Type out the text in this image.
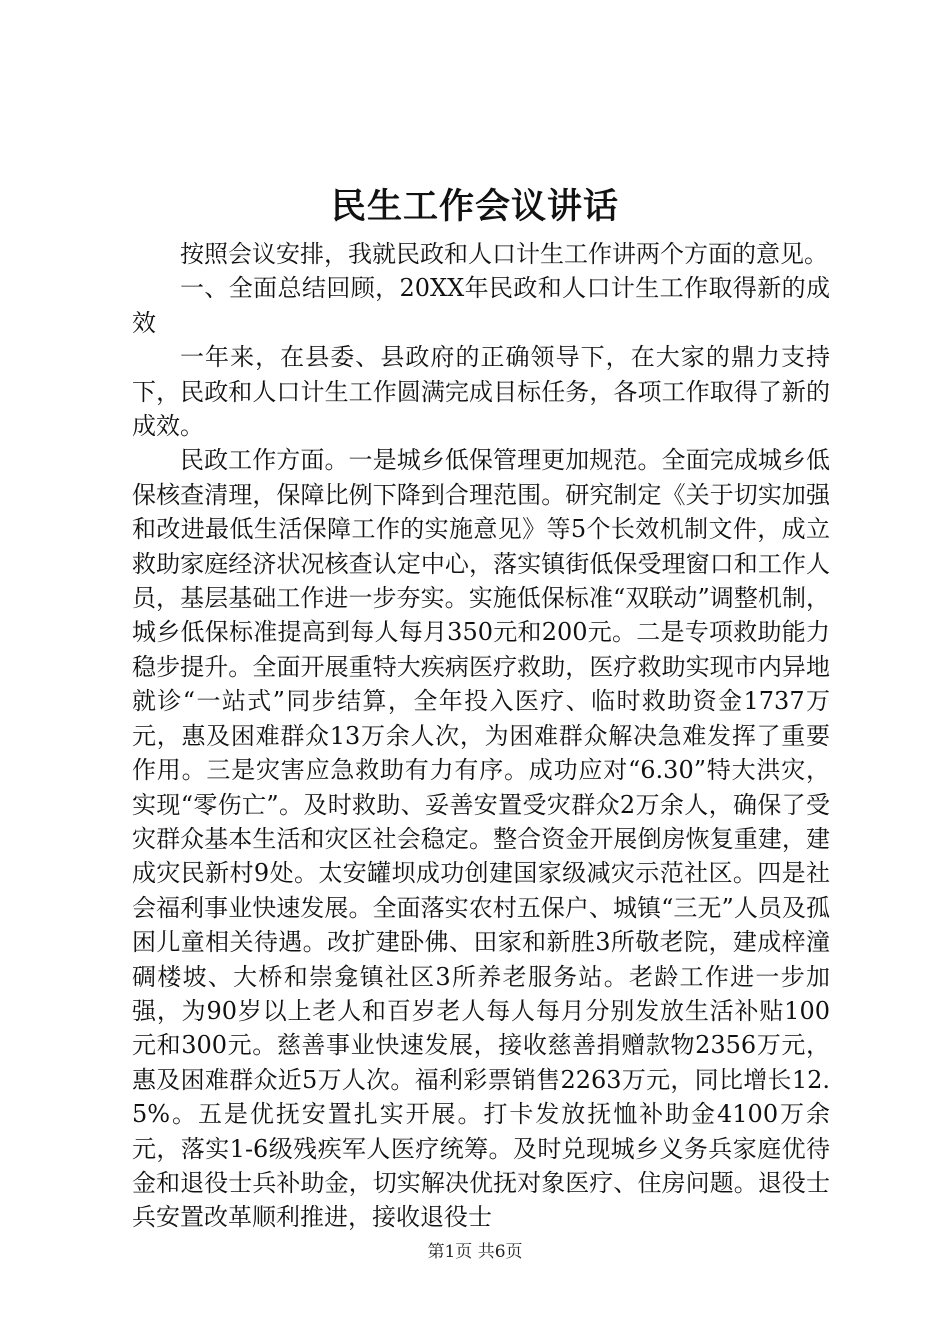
民生工作会议讲话

按照会议安排，我就民政和人口计生工作讲两个方面的意见。

一、全面总结回顾，20XX年民政和人口计生工作取得新的成效

一年来，在县委、县政府的正确领导下，在大家的鼎力支持下，民政和人口计生工作圆满完成目标任务，各项工作取得了新的成效。

民政工作方面。一是城乡低保管理更加规范。全面完成城乡低保核查清理，保障比例下降到合理范围。研究制定《关于切实加强和改进最低生活保障工作的实施意见》等5个长效机制文件，成立救助家庭经济状况核查认定中心，落实镇街低保受理窗口和工作人员，基层基础工作进一步夯实。实施低保标准“双联动”调整机制，城乡低保标准提高到每人每月350元和200元。二是专项救助能力稳步提升。全面开展重特大疾病医疗救助，医疗救助实现市内异地就诊“一站式”同步结算，全年投入医疗、临时救助资金1737万元，惠及困难群众13万余人次，为困难群众解决急难发挥了重要作用。三是灾害应急救助有力有序。成功应对“6.30”特大洪灾，实现“零伤亡”。及时救助、妥善安置受灾群众2万余人，确保了受灾群众基本生活和灾区社会稳定。整合资金开展倒房恢复重建，建成灾民新村9处。太安罐坝成功创建国家级减灾示范社区。四是社会福利事业快速发展。全面落实农村五保户、城镇“三无”人员及孤困儿童相关待遇。改扩建卧佛、田家和新胜3所敬老院，建成梓潼碉楼坡、大桥和崇龛镇社区3所养老服务站。老龄工作进一步加强，为90岁以上老人和百岁老人每人每月分别发放生活补贴100元和300元。慈善事业快速发展，接收慈善捐赠款物2356万元，惠及困难群众近5万人次。福利彩票销售2263万元，同比增长12.5%。五是优抚安置扎实开展。打卡发放抚恤补助金4100万余元，落实1-6级残疾军人医疗统筹。及时兑现城乡义务兵家庭优待金和退役士兵补助金，切实解决优抚对象医疗、住房问题。退役士兵安置改革顺利推进，接收退役士

第1页 共6页
